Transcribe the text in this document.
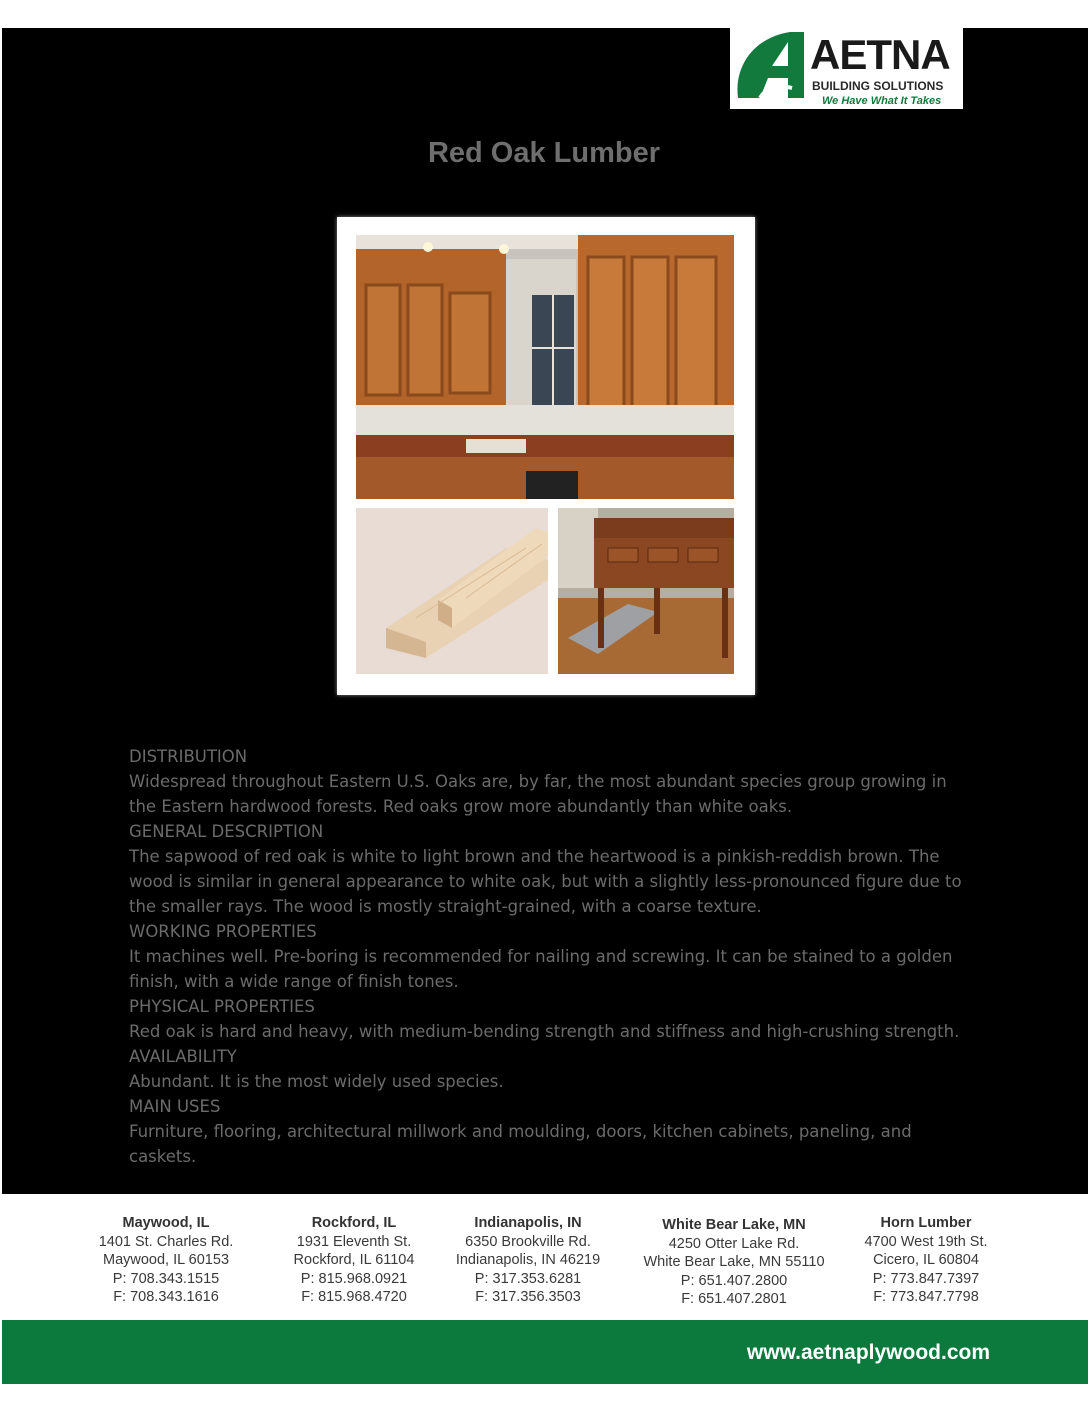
AETNA
BUILDING SOLUTIONS
We Have What It Takes
Red Oak Lumber

DISTRIBUTION

Widespread throughout Eastern U.S. Oaks are, by far, the most abundant species group growing in the Eastern hardwood forests. Red oaks grow more abundantly than white oaks.

GENERAL DESCRIPTION

The sapwood of red oak is white to light brown and the heartwood is a pinkish-reddish brown. The wood is similar in general appearance to white oak, but with a slightly less-pronounced figure due to the smaller rays. The wood is mostly straight-grained, with a coarse texture.

WORKING PROPERTIES

It machines well. Pre-boring is recommended for nailing and screwing. It can be stained to a golden finish, with a wide range of finish tones.

PHYSICAL PROPERTIES

Red oak is hard and heavy, with medium-bending strength and stiffness and high-crushing strength.

AVAILABILITY

Abundant. It is the most widely used species.

MAIN USES

Furniture, flooring, architectural millwork and moulding, doors, kitchen cabinets, paneling, and caskets.

Maywood, IL
1401 St. Charles Rd.
Maywood, IL 60153
P: 708.343.1515
F: 708.343.1616
Rockford, IL
1931 Eleventh St.
Rockford, IL 61104
P: 815.968.0921
F: 815.968.4720
Indianapolis, IN
6350 Brookville Rd.
Indianapolis, IN 46219
P: 317.353.6281
F: 317.356.3503
White Bear Lake, MN
4250 Otter Lake Rd.
White Bear Lake, MN 55110
P: 651.407.2800
F: 651.407.2801
Horn Lumber
4700 West 19th St.
Cicero, IL 60804
P: 773.847.7397
F: 773.847.7798
www.aetnaplywood.com
